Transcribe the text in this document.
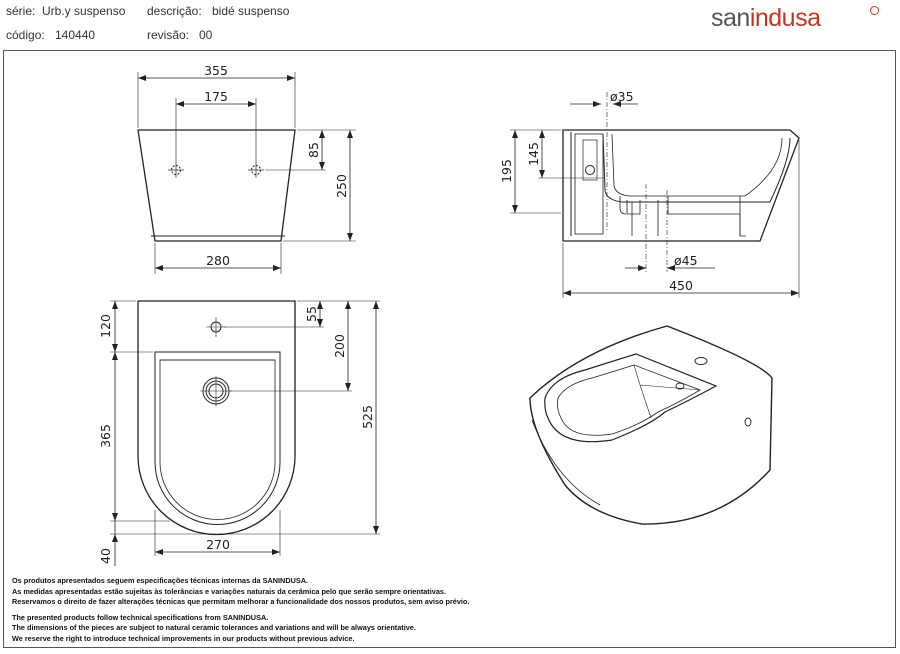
série: Urb.y suspenso descrição: bidé suspenso
código: 140440	revisão: 00
sanindusa
355
175
280
85
250
120
365
40
55
200
525
270
ø35
195
145
ø45
450
Os produtos apresentados seguem especificações técnicas internas da SANINDUSA.
As medidas apresentadas estão sujeitas às tolerâncias e variações naturais da cerâmica pelo que serão sempre orientativas.
Reservamos o direito de fazer alterações técnicas que permitam melhorar a funcionalidade dos nossos produtos, sem aviso prévio.
The presented products follow technical specifications from SANINDUSA.
The dimensions of the pieces are subject to natural ceramic tolerances and variations and will be always orientative.
We reserve the right to introduce technical improvements in our products without previous advice.
